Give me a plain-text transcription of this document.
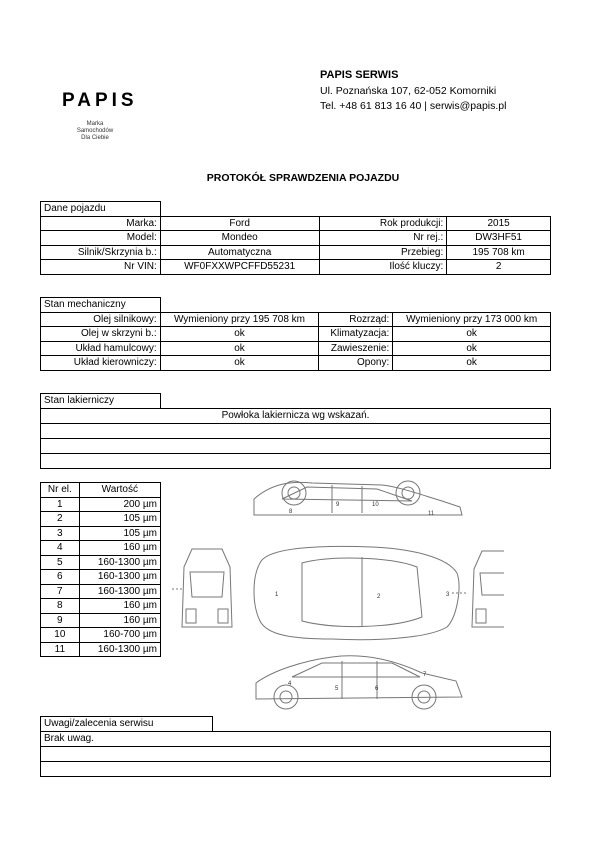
PAPIS
Marka
Samochodów
Dla Ciebie
PAPIS SERWIS
Ul. Poznańska 107, 62-052 Komorniki
Tel. +48 61 813 16 40 | serwis@papis.pl
PROTOKÓŁ SPRAWDZENIA POJAZDU
Dane pojazdu			
Marka:	Ford	Rok produkcji:	2015
Model:	Mondeo	Nr rej.:	DW3HF51
Silnik/Skrzynia b.:	Automatyczna	Przebieg:	195 708 km
Nr VIN:	WF0FXXWPCFFD55231	Ilość kluczy:	2
Stan mechaniczny			
Olej silnikowy:	Wymieniony przy 195 708 km	Rozrząd:	Wymieniony przy 173 000 km
Olej w skrzyni b.:	ok	Klimatyzacja:	ok
Układ hamulcowy:	ok	Zawieszenie:	ok
Układ kierowniczy:	ok	Opony:	ok
Stan lakierniczy	
Powłoka lakiernicza wg wskazań.

Nr el.	Wartość
1	200 µm
2	105 µm
3	105 µm
4	160 µm
5	160-1300 µm
6	160-1300 µm
7	160-1300 µm
8	160 µm
9	160 µm
10	160-700 µm
11	160-1300 µm
8
9	10
11
1	2	3
4
5	6
7
Uwagi/zalecenia serwisu	
Brak uwag.
